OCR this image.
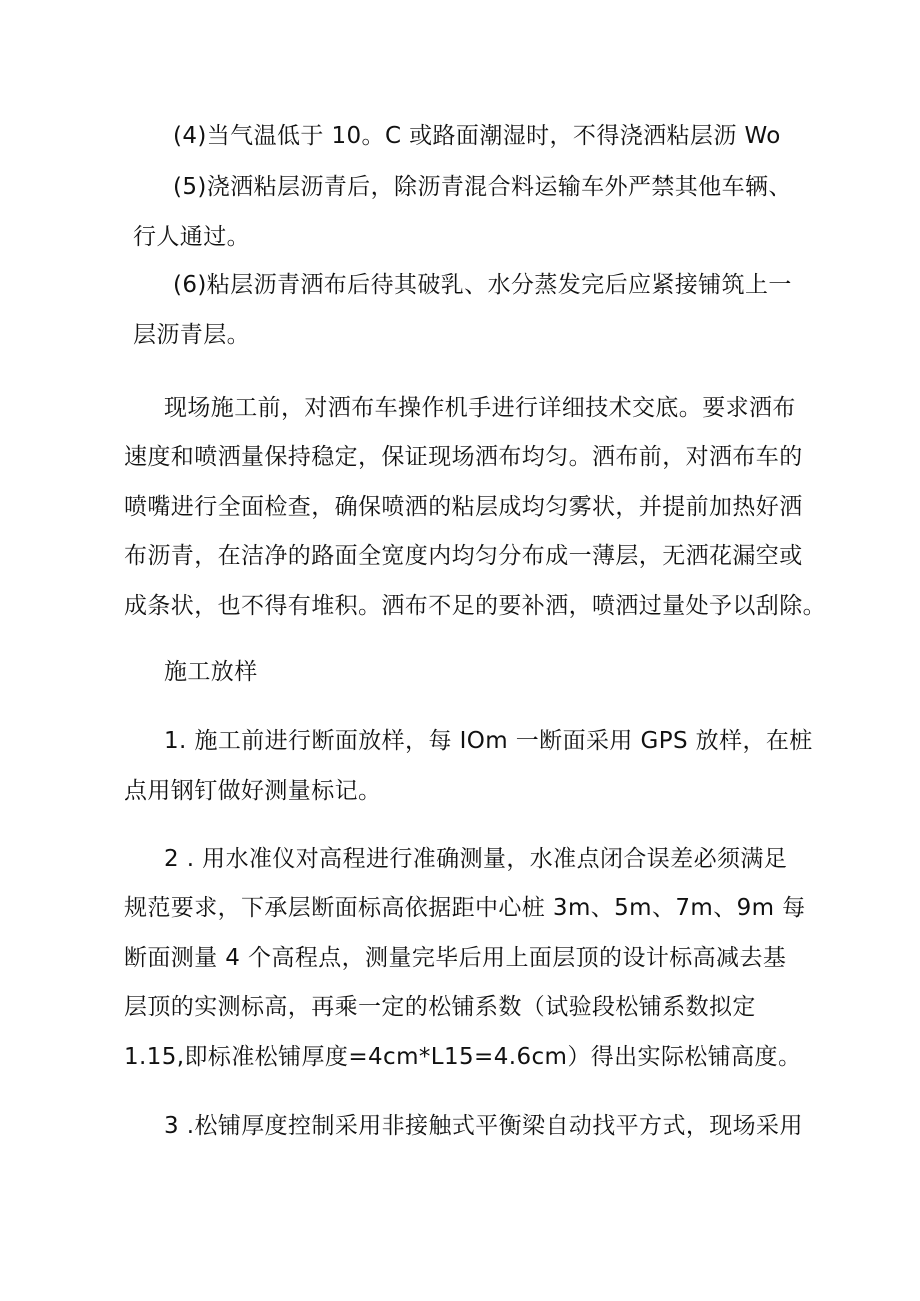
(4)当气温低于 10。C 或路面潮湿时，不得浇洒粘层沥 Wo
(5)浇洒粘层沥青后，除沥青混合料运输车外严禁其他车辆、
行人通过。
(6)粘层沥青洒布后待其破乳、水分蒸发完后应紧接铺筑上一
层沥青层。
现场施工前，对洒布车操作机手进行详细技术交底。要求洒布
速度和喷洒量保持稳定，保证现场洒布均匀。洒布前，对洒布车的
喷嘴进行全面检查，确保喷洒的粘层成均匀雾状，并提前加热好洒
布沥青，在洁净的路面全宽度内均匀分布成一薄层，无洒花漏空或
成条状，也不得有堆积。洒布不足的要补洒，喷洒过量处予以刮除。
施工放样
1. 施工前进行断面放样，每 IOm 一断面采用 GPS 放样，在桩
点用钢钉做好测量标记。
2 . 用水准仪对高程进行准确测量，水准点闭合误差必须满足
规范要求，下承层断面标高依据距中心桩 3m、5m、7m、9m 每
断面测量 4 个高程点，测量完毕后用上面层顶的设计标高减去基
层顶的实测标高，再乘一定的松铺系数（试验段松铺系数拟定
1.15,即标准松铺厚度=4cm*L15=4.6cm）得出实际松铺高度。
3 .松铺厚度控制采用非接触式平衡梁自动找平方式，现场采用
